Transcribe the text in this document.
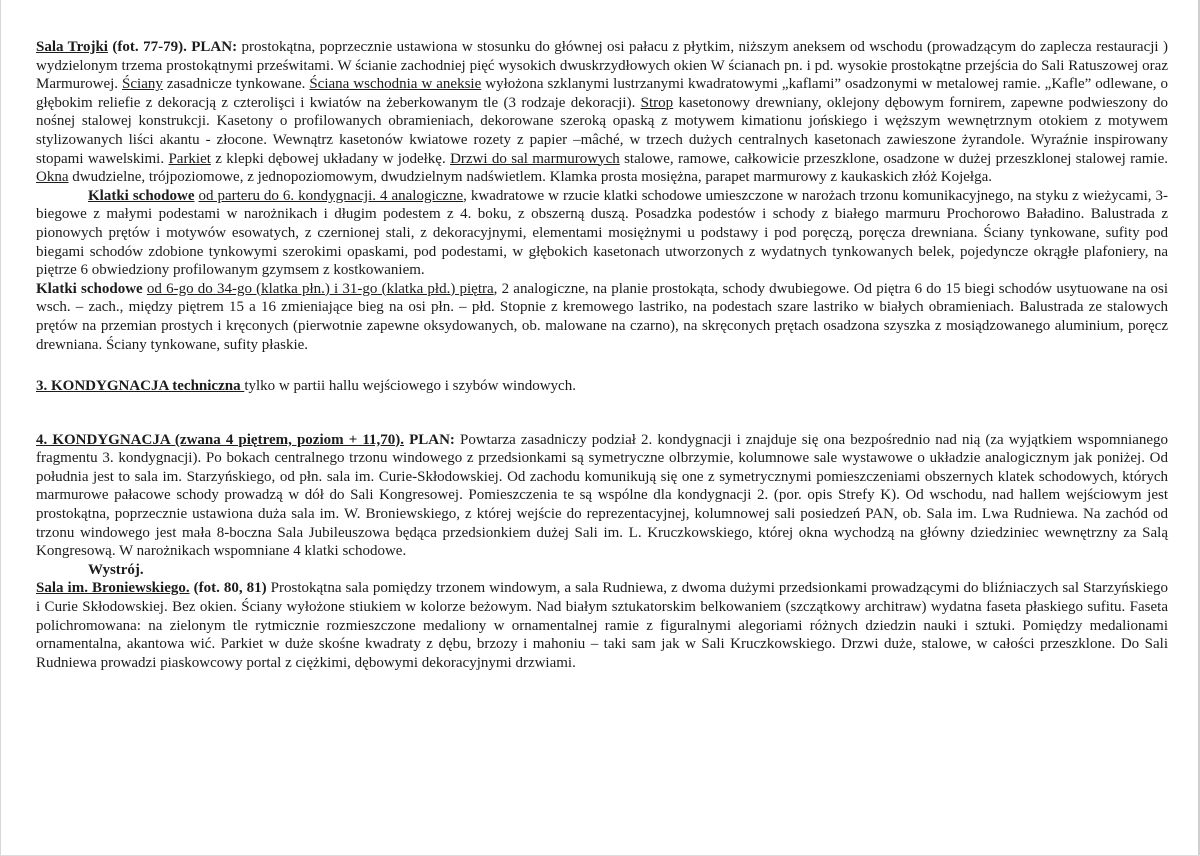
Sala Trojki (fot. 77-79). PLAN: prostokątna, poprzecznie ustawiona w stosunku do głównej osi pałacu z płytkim, niższym aneksem od wschodu (prowadzącym do zaplecza restauracji ) wydzielonym trzema prostokątnymi prześwitami. W ścianie zachodniej pięć wysokich dwuskrzydłowych okien W ścianach pn. i pd. wysokie prostokątne przejścia do Sali Ratuszowej oraz Marmurowej. Ściany zasadnicze tynkowane. Ściana wschodnia w aneksie wyłożona szklanymi lustrzanymi kwadratowymi „kaflami” osadzonymi w metalowej ramie. „Kafle” odlewane, o głębokim reliefie z dekoracją z czterolişci i kwiatów na żeberkowanym tle (3 rodzaje dekoracji). Strop kasetonowy drewniany, oklejony dębowym fornirem, zapewne podwieszony do nośnej stalowej konstrukcji. Kasetony o profilowanych obramieniach, dekorowane szeroką opaską z motywem kimationu jońskiego i węższym wewnętrznym otokiem z motywem stylizowanych liści akantu - złocone. Wewnątrz kasetonów kwiatowe rozety z papier –mâché, w trzech dużych centralnych kasetonach zawieszone żyrandole. Wyraźnie inspirowany stopami wawelskimi. Parkiet z klepki dębowej układany w jodełkę. Drzwi do sal marmurowych stalowe, ramowe, całkowicie przeszklone, osadzone w dużej przeszklonej stalowej ramie. Okna dwudzielne, trójpoziomowe, z jednopoziomowym, dwudzielnym nadświetlem. Klamka prosta mosiężna, parapet marmurowy z kaukaskich złóż Kojełga.

Klatki schodowe od parteru do 6. kondygnacji. 4 analogiczne, kwadratowe w rzucie klatki schodowe umieszczone w narożach trzonu komunikacyjnego, na styku z wieżycami, 3-biegowe z małymi podestami w narożnikach i długim podestem z 4. boku, z obszerną duszą. Posadzka podestów i schody z białego marmuru Prochorowo Baładino. Balustrada z pionowych prętów i motywów esowatych, z czernionej stali, z dekoracyjnymi, elementami mosiężnymi u podstawy i pod poręczą, poręcza drewniana. Ściany tynkowane, sufity pod biegami schodów zdobione tynkowymi szerokimi opaskami, pod podestami, w głębokich kasetonach utworzonych z wydatnych tynkowanych belek, pojedyncze okrągłe plafoniery, na piętrze 6 obwiedziony profilowanym gzymsem z kostkowaniem.

Klatki schodowe od 6-go do 34-go (klatka płn.) i 31-go (klatka płd.) piętra, 2 analogiczne, na planie prostokąta, schody dwubiegowe. Od piętra 6 do 15 biegi schodów usytuowane na osi wsch. – zach., między piętrem 15 a 16 zmieniające bieg na osi płn. – płd. Stopnie z kremowego lastriko, na podestach szare lastriko w białych obramieniach. Balustrada ze stalowych prętów na przemian prostych i kręconych (pierwotnie zapewne oksydowanych, ob. malowane na czarno), na skręconych prętach osadzona szyszka z mosiądzowanego aluminium, poręcz drewniana. Ściany tynkowane, sufity płaskie.

3. KONDYGNACJA techniczna tylko w partii hallu wejściowego i szybów windowych.

4. KONDYGNACJA (zwana 4 piętrem, poziom + 11,70). PLAN: Powtarza zasadniczy podział 2. kondygnacji i znajduje się ona bezpośrednio nad nią (za wyjątkiem wspomnianego fragmentu 3. kondygnacji). Po bokach centralnego trzonu windowego z przedsionkami są symetryczne olbrzymie, kolumnowe sale wystawowe o układzie analogicznym jak poniżej. Od południa jest to sala im. Starzyńskiego, od płn. sala im. Curie-Skłodowskiej. Od zachodu komunikują się one z symetrycznymi pomieszczeniami obszernych klatek schodowych, których marmurowe pałacowe schody prowadzą w dół do Sali Kongresowej. Pomieszczenia te są wspólne dla kondygnacji 2. (por. opis Strefy K). Od wschodu, nad hallem wejściowym jest prostokątna, poprzecznie ustawiona duża sala im. W. Broniewskiego, z której wejście do reprezentacyjnej, kolumnowej sali posiedzeń PAN, ob. Sala im. Lwa Rudniewa. Na zachód od trzonu windowego jest mała 8-boczna Sala Jubileuszowa będąca przedsionkiem dużej Sali im. L. Kruczkowskiego, której okna wychodzą na główny dziedziniec wewnętrzny za Salą Kongresową. W narożnikach wspomniane 4 klatki schodowe.

Wystrój.

Sala im. Broniewskiego. (fot. 80, 81) Prostokątna sala pomiędzy trzonem windowym, a sala Rudniewa, z dwoma dużymi przedsionkami prowadzącymi do bliźniaczych sal Starzyńskiego i Curie Skłodowskiej. Bez okien. Ściany wyłożone stiukiem w kolorze beżowym. Nad białym sztukatorskim belkowaniem (szczątkowy architraw) wydatna faseta płaskiego sufitu. Faseta polichromowana: na zielonym tle rytmicznie rozmieszczone medaliony w ornamentalnej ramie z figuralnymi alegoriami różnych dziedzin nauki i sztuki. Pomiędzy medalionami ornamentalna, akantowa wić. Parkiet w duże skośne kwadraty z dębu, brzozy i mahoniu – taki sam jak w Sali Kruczkowskiego. Drzwi duże, stalowe, w całości przeszklone. Do Sali Rudniewa prowadzi piaskowcowy portal z ciężkimi, dębowymi dekoracyjnymi drzwiami.
